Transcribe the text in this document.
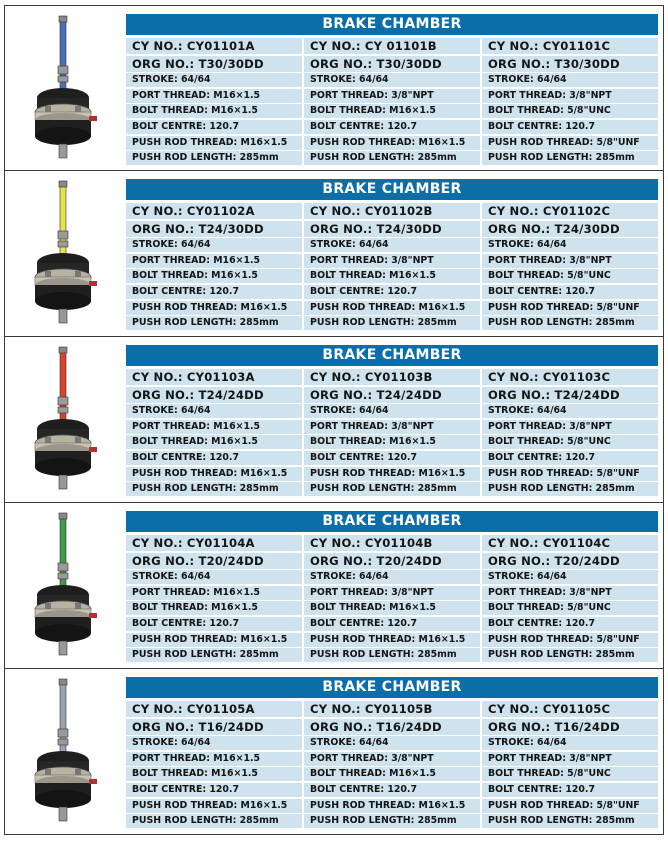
BRAKE CHAMBER
CY NO.: CY01101A
ORG NO.: T30/30DD
STROKE: 64/64
PORT THREAD: M16×1.5
BOLT THREAD: M16×1.5
BOLT CENTRE: 120.7
PUSH ROD THREAD: M16×1.5
PUSH ROD LENGTH: 285mm
CY NO.: CY 01101B
ORG NO.: T30/30DD
STROKE: 64/64
PORT THREAD: 3/8"NPT
BOLT THREAD: M16×1.5
BOLT CENTRE: 120.7
PUSH ROD THREAD: M16×1.5
PUSH ROD LENGTH: 285mm
CY NO.: CY01101C
ORG NO.: T30/30DD
STROKE: 64/64
PORT THREAD: 3/8"NPT
BOLT THREAD: 5/8"UNC
BOLT CENTRE: 120.7
PUSH ROD THREAD: 5/8"UNF
PUSH ROD LENGTH: 285mm
BRAKE CHAMBER
CY NO.: CY01102A
ORG NO.: T24/30DD
STROKE: 64/64
PORT THREAD: M16×1.5
BOLT THREAD: M16×1.5
BOLT CENTRE: 120.7
PUSH ROD THREAD: M16×1.5
PUSH ROD LENGTH: 285mm
CY NO.: CY01102B
ORG NO.: T24/30DD
STROKE: 64/64
PORT THREAD: 3/8"NPT
BOLT THREAD: M16×1.5
BOLT CENTRE: 120.7
PUSH ROD THREAD: M16×1.5
PUSH ROD LENGTH: 285mm
CY NO.: CY01102C
ORG NO.: T24/30DD
STROKE: 64/64
PORT THREAD: 3/8"NPT
BOLT THREAD: 5/8"UNC
BOLT CENTRE: 120.7
PUSH ROD THREAD: 5/8"UNF
PUSH ROD LENGTH: 285mm
BRAKE CHAMBER
CY NO.: CY01103A
ORG NO.: T24/24DD
STROKE: 64/64
PORT THREAD: M16×1.5
BOLT THREAD: M16×1.5
BOLT CENTRE: 120.7
PUSH ROD THREAD: M16×1.5
PUSH ROD LENGTH: 285mm
CY NO.: CY01103B
ORG NO.: T24/24DD
STROKE: 64/64
PORT THREAD: 3/8"NPT
BOLT THREAD: M16×1.5
BOLT CENTRE: 120.7
PUSH ROD THREAD: M16×1.5
PUSH ROD LENGTH: 285mm
CY NO.: CY01103C
ORG NO.: T24/24DD
STROKE: 64/64
PORT THREAD: 3/8"NPT
BOLT THREAD: 5/8"UNC
BOLT CENTRE: 120.7
PUSH ROD THREAD: 5/8"UNF
PUSH ROD LENGTH: 285mm
BRAKE CHAMBER
CY NO.: CY01104A
ORG NO.: T20/24DD
STROKE: 64/64
PORT THREAD: M16×1.5
BOLT THREAD: M16×1.5
BOLT CENTRE: 120.7
PUSH ROD THREAD: M16×1.5
PUSH ROD LENGTH: 285mm
CY NO.: CY01104B
ORG NO.: T20/24DD
STROKE: 64/64
PORT THREAD: 3/8"NPT
BOLT THREAD: M16×1.5
BOLT CENTRE: 120.7
PUSH ROD THREAD: M16×1.5
PUSH ROD LENGTH: 285mm
CY NO.: CY01104C
ORG NO.: T20/24DD
STROKE: 64/64
PORT THREAD: 3/8"NPT
BOLT THREAD: 5/8"UNC
BOLT CENTRE: 120.7
PUSH ROD THREAD: 5/8"UNF
PUSH ROD LENGTH: 285mm
BRAKE CHAMBER
CY NO.: CY01105A
ORG NO.: T16/24DD
STROKE: 64/64
PORT THREAD: M16×1.5
BOLT THREAD: M16×1.5
BOLT CENTRE: 120.7
PUSH ROD THREAD: M16×1.5
PUSH ROD LENGTH: 285mm
CY NO.: CY01105B
ORG NO.: T16/24DD
STROKE: 64/64
PORT THREAD: 3/8"NPT
BOLT THREAD: M16×1.5
BOLT CENTRE: 120.7
PUSH ROD THREAD: M16×1.5
PUSH ROD LENGTH: 285mm
CY NO.: CY01105C
ORG NO.: T16/24DD
STROKE: 64/64
PORT THREAD: 3/8"NPT
BOLT THREAD: 5/8"UNC
BOLT CENTRE: 120.7
PUSH ROD THREAD: 5/8"UNF
PUSH ROD LENGTH: 285mm
